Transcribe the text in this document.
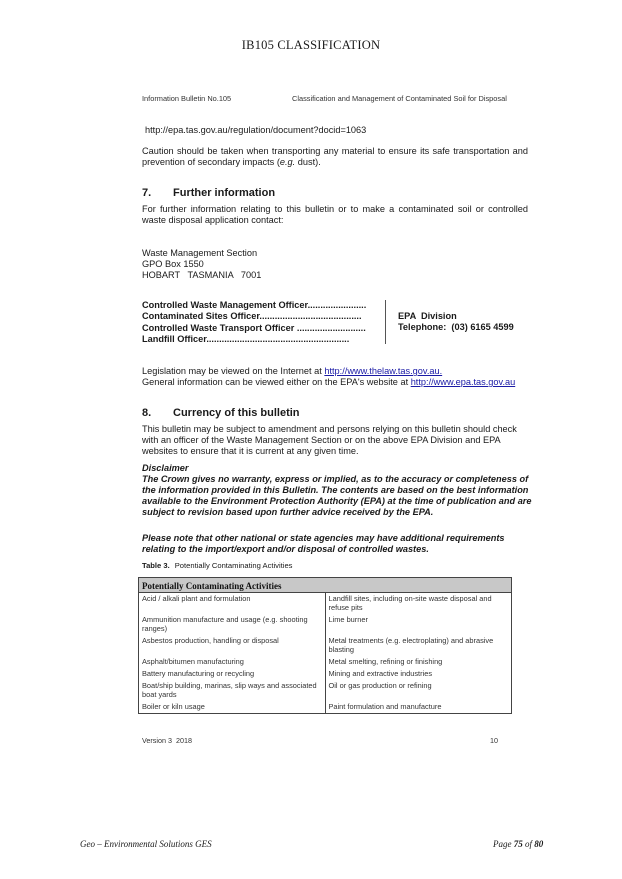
IB105 CLASSIFICATION
Information Bulletin No.105	Classification and Management of Contaminated Soil for Disposal
http://epa.tas.gov.au/regulation/document?docid=1063
Caution should be taken when transporting any material to ensure its safe transportation and prevention of secondary impacts (e.g. dust).
7. Further information
For further information relating to this bulletin or to make a contaminated soil or controlled waste disposal application contact:
Waste Management Section
GPO Box 1550
HOBART   TASMANIA   7001
Controlled Waste Management Officer.......................
Contaminated Sites Officer........................................
Controlled Waste Transport Officer ...........................
Landfill Officer........................................................
EPA  Division
Telephone:  (03) 6165 4599
Legislation may be viewed on the Internet at http://www.thelaw.tas.gov.au.
General information can be viewed either on the EPA's website at http://www.epa.tas.gov.au
8. Currency of this bulletin
This bulletin may be subject to amendment and persons relying on this bulletin should check with an officer of the Waste Management Section or on the above EPA Division and EPA websites to ensure that it is current at any given time.
Disclaimer
The Crown gives no warranty, express or implied, as to the accuracy or completeness of the information provided in this Bulletin. The contents are based on the best information available to the Environment Protection Authority (EPA) at the time of publication and are subject to revision based upon further advice received by the EPA.
Please note that other national or state agencies may have additional requirements relating to the import/export and/or disposal of controlled wastes.
Table 3. Potentially Contaminating Activities
Potentially Contaminating Activities	
Acid / alkali plant and formulation	Landfill sites, including on-site waste disposal and refuse pits
Ammunition manufacture and usage (e.g. shooting ranges)	Lime burner
Asbestos production, handling or disposal	Metal treatments (e.g. electroplating) and abrasive blasting
Asphalt/bitumen manufacturing	Metal smelting, refining or finishing
Battery manufacturing or recycling	Mining and extractive industries
Boat/ship building, marinas, slip ways and associated boat yards	Oil or gas production or refining
Boiler or kiln usage	Paint formulation and manufacture
Version 3  2018	10
Geo – Environmental Solutions GES	Page 75 of 80
